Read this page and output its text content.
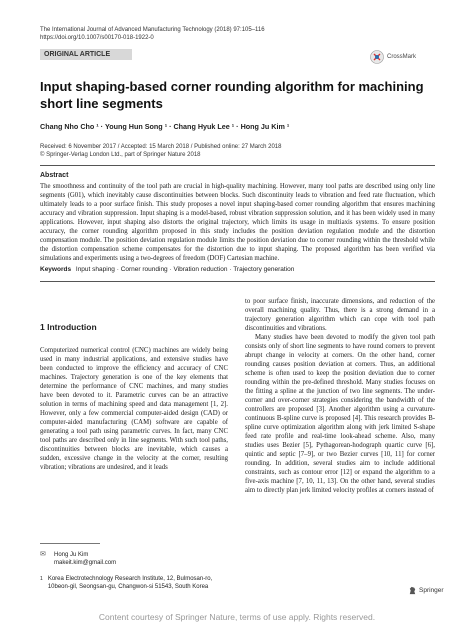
The International Journal of Advanced Manufacturing Technology (2018) 97:105–116
https://doi.org/10.1007/s00170-018-1922-0
ORIGINAL ARTICLE	CrossMark
Input shaping-based corner rounding algorithm for machining short line segments
Chang Nho Cho ¹ · Young Hun Song ¹ · Chang Hyuk Lee ¹ · Hong Ju Kim ¹
Received: 6 November 2017 / Accepted: 15 March 2018 / Published online: 27 March 2018
© Springer-Verlag London Ltd., part of Springer Nature 2018
Abstract
The smoothness and continuity of the tool path are crucial in high-quality machining. However, many tool paths are described using only line segments (G01), which inevitably cause discontinuities between blocks. Such discontinuity leads to vibration and feed rate fluctuation, which ultimately leads to a poor surface finish. This study proposes a novel input shaping-based corner rounding algorithm that ensures machining accuracy and vibration suppression. Input shaping is a model-based, robust vibration suppression solution, and it has been widely used in many applications. However, input shaping also distorts the original trajectory, which limits its usage in multiaxis systems. To ensure position accuracy, the corner rounding algorithm proposed in this study includes the position deviation regulation module and the distortion compensation module. The position deviation regulation module limits the position deviation due to corner rounding within the threshold while the distortion compensation scheme compensates for the distortion due to input shaping. The proposed algorithm has been verified via simulations and experiments using a two-degrees of freedom (DOF) Cartesian machine.
Keywords Input shaping · Corner rounding · Vibration reduction · Trajectory generation
1 Introduction
Computerized numerical control (CNC) machines are widely being used in many industrial applications, and extensive studies have been conducted to improve the efficiency and accuracy of CNC machines. Trajectory generation is one of the key elements that determine the performance of CNC machines, and many studies have been devoted to it. Parametric curves can be an attractive solution in terms of machining speed and data management [1, 2]. However, only a few commercial computer-aided design (CAD) or computer-aided manufacturing (CAM) software are capable of generating a tool path using parametric curves. In fact, many CNC tool paths are described only in line segments. With such tool paths, discontinuities between blocks are inevitable, which causes a sudden, excessive change in the velocity at the corner, resulting vibration; vibrations are undesired, and it leads
to poor surface finish, inaccurate dimensions, and reduction of the overall machining quality. Thus, there is a strong demand in a trajectory generation algorithm which can cope with tool path discontinuities and vibrations.
Many studies have been devoted to modify the given tool path consists only of short line segments to have round corners to prevent abrupt change in velocity at corners. On the other hand, corner rounding causes position deviation at corners. Thus, an additional scheme is often used to keep the position deviation due to corner rounding within the pre-defined threshold. Many studies focuses on the fitting a spline at the junction of two line segments. The under-corner and over-corner strategies considering the bandwidth of the controllers are proposed [3]. Another algorithm using a curvature-continuous B-spline curve is proposed [4]. This research provides B-spline curve optimization algorithm along with jerk limited S-shape feed rate profile and real-time look-ahead scheme. Also, many studies uses Bezier [5], Pythagorean-hodograph quartic curve [6], quintic and septic [7–9], or two Bezier curves [10, 11] for corner rounding. In addition, several studies aim to include additional constraints, such as contour error [12] or expand the algorithm to a five-axis machine [7, 10, 11, 13]. On the other hand, several studies aim to directly plan jerk limited velocity profiles at corners instead of
✉	Hong Ju Kim
makeit.kim@gmail.com
1 Korea Electrotechnology Research Institute, 12, Bulmosan-ro, 10beon-gil, Seongsan-gu, Changwon-si 51543, South Korea	Springer
Content courtesy of Springer Nature, terms of use apply. Rights reserved.
